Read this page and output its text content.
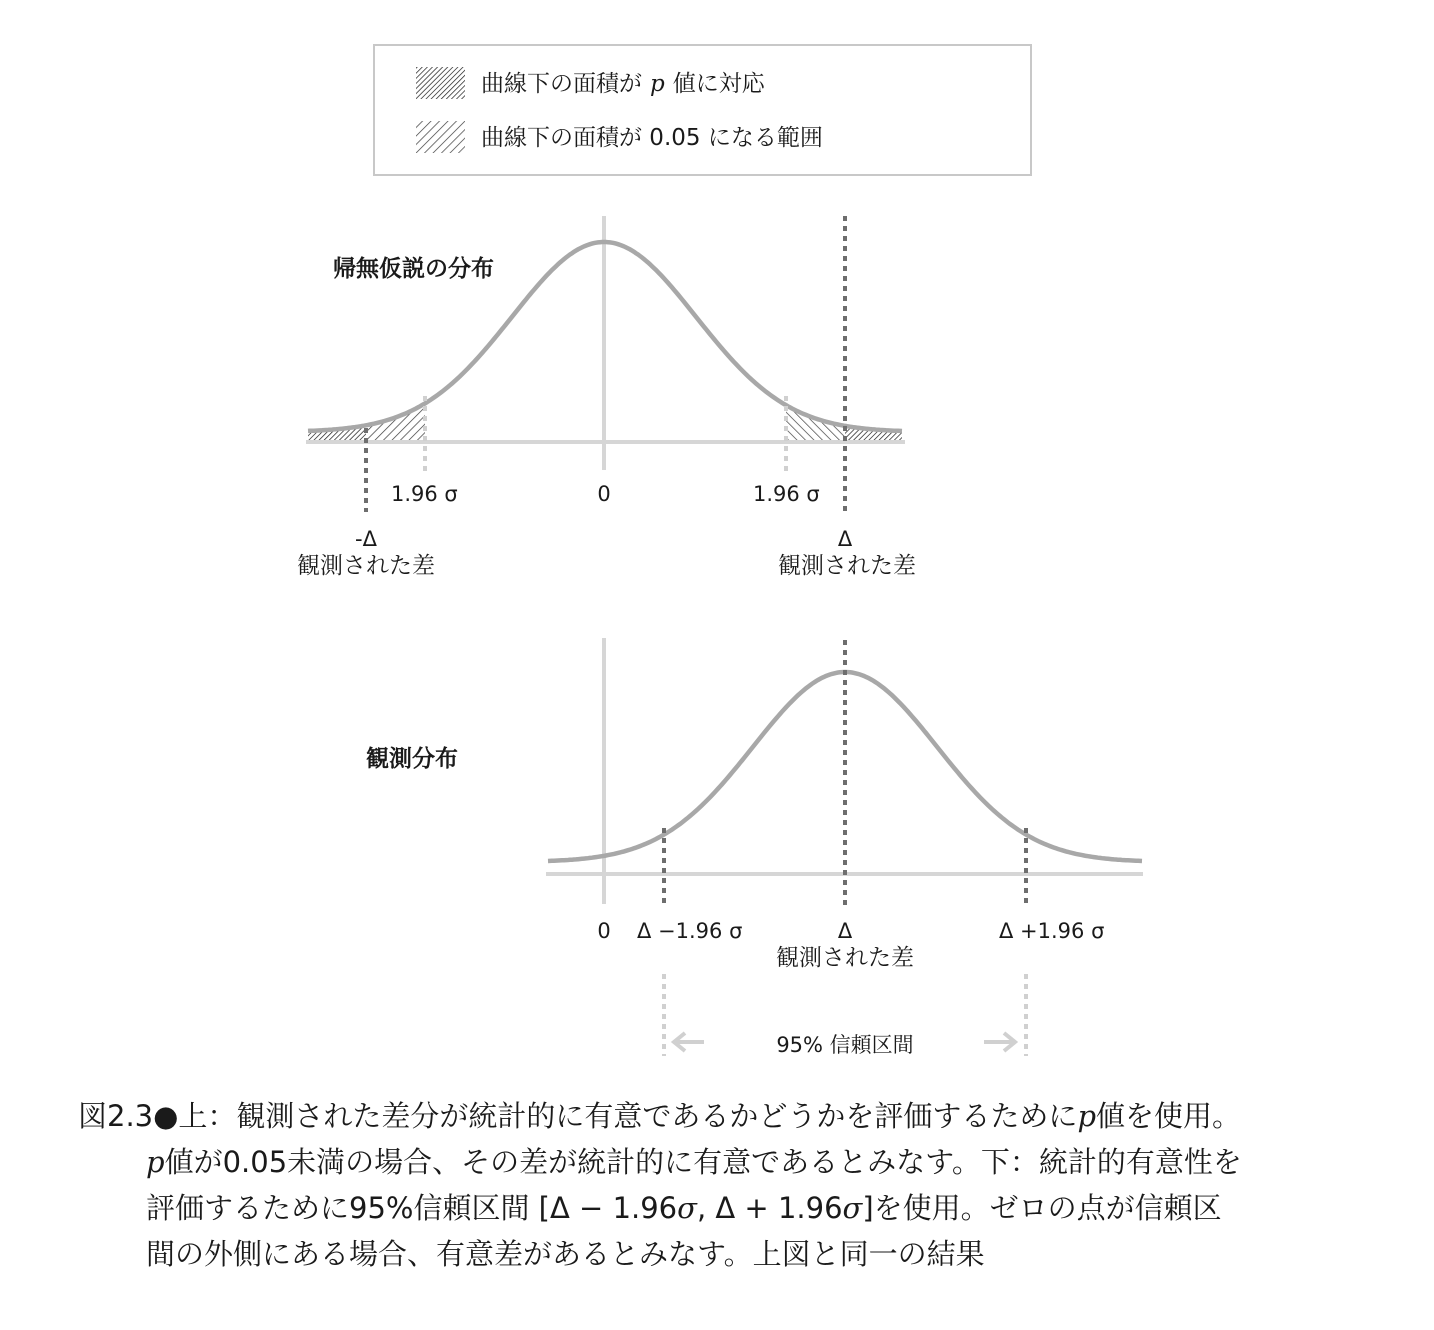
曲線下の面積が p 値に対応
曲線下の面積が 0.05 になる範囲
帰無仮説の分布
1.96 σ	0	1.96 σ
-Δ	Δ
観測された差	観測された差
観測分布
0 Δ −1.96 σ	Δ	Δ +1.96 σ
観測された差
95% 信頼区間
図2.3●上：観測された差分が統計的に有意であるかどうかを評価するためにp値を使用。
p値が0.05未満の場合、その差が統計的に有意であるとみなす。下：統計的有意性を
評価するために95%信頼区間 [Δ − 1.96σ, Δ + 1.96σ]を使用。ゼロの点が信頼区
間の外側にある場合、有意差があるとみなす。上図と同一の結果
